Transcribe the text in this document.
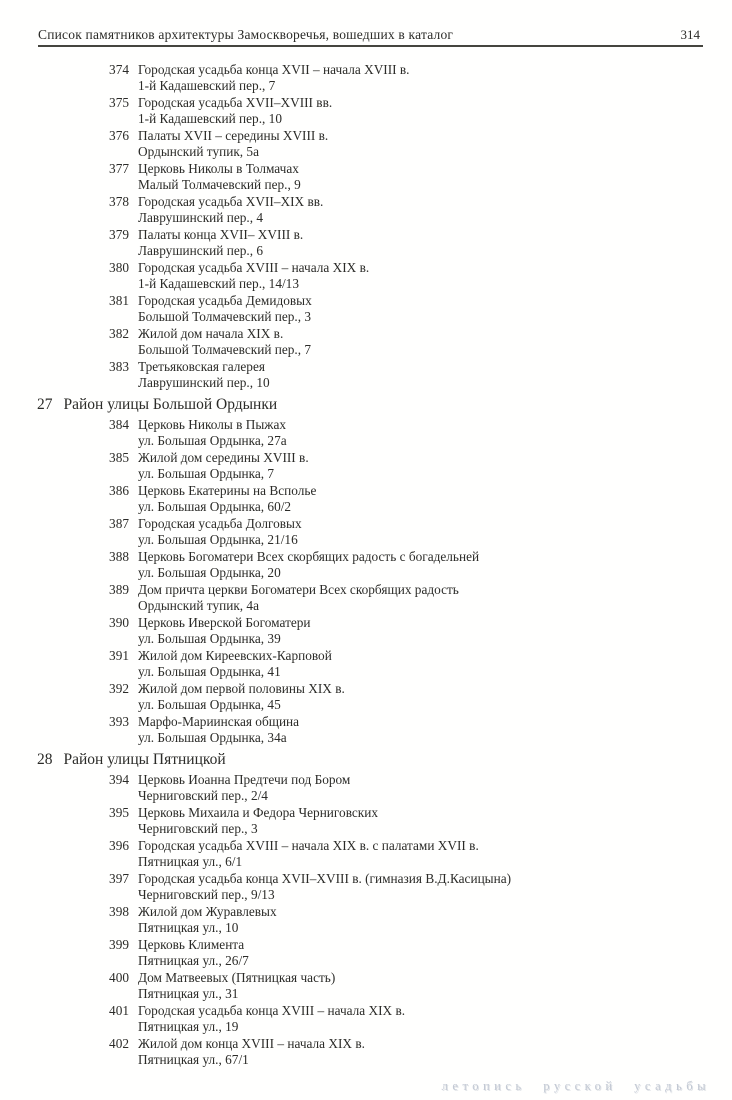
Список памятников архитектуры Замоскворечья, вошедших в каталог	314
374 Городская усадьба конца XVII – начала XVIII в.
1-й Кадашевский пер., 7
375 Городская усадьба XVII–XVIII вв.
1-й Кадашевский пер., 10
376 Палаты XVII – середины XVIII в.
Ордынский тупик, 5а
377 Церковь Николы в Толмачах
Малый Толмачевский пер., 9
378 Городская усадьба XVII–XIX вв.
Лаврушинский пер., 4
379 Палаты конца XVII– XVIII в.
Лаврушинский пер., 6
380 Городская усадьба XVIII – начала XIX в.
1-й Кадашевский пер., 14/13
381 Городская усадьба Демидовых
Большой Толмачевский пер., 3
382 Жилой дом начала XIX в.
Большой Толмачевский пер., 7
383 Третьяковская галерея
Лаврушинский пер., 10
27 Район улицы Большой Ордынки
384 Церковь Николы в Пыжах
ул. Большая Ордынка, 27а
385 Жилой дом середины XVIII в.
ул. Большая Ордынка, 7
386 Церковь Екатерины на Всполье
ул. Большая Ордынка, 60/2
387 Городская усадьба Долговых
ул. Большая Ордынка, 21/16
388 Церковь Богоматери Всех скорбящих радость с богадельней
ул. Большая Ордынка, 20
389 Дом причта церкви Богоматери Всех скорбящих радость
Ордынский тупик, 4а
390 Церковь Иверской Богоматери
ул. Большая Ордынка, 39
391 Жилой дом Киреевских-Карповой
ул. Большая Ордынка, 41
392 Жилой дом первой половины XIX в.
ул. Большая Ордынка, 45
393 Марфо-Мариинская община
ул. Большая Ордынка, 34а
28 Район улицы Пятницкой
394 Церковь Иоанна Предтечи под Бором
Черниговский пер., 2/4
395 Церковь Михаила и Федора Черниговских
Черниговский пер., 3
396 Городская усадьба XVIII – начала XIX в. с палатами XVII в.
Пятницкая ул., 6/1
397 Городская усадьба конца XVII–XVIII в. (гимназия В.Д.Касицына)
Черниговский пер., 9/13
398 Жилой дом Журавлевых
Пятницкая ул., 10
399 Церковь Климента
Пятницкая ул., 26/7
400 Дом Матвеевых (Пятницкая часть)
Пятницкая ул., 31
401 Городская усадьба конца XVIII – начала XIX в.
Пятницкая ул., 19
402 Жилой дом конца XVIII – начала XIX в.
Пятницкая ул., 67/1
летопись русской усадьбы
